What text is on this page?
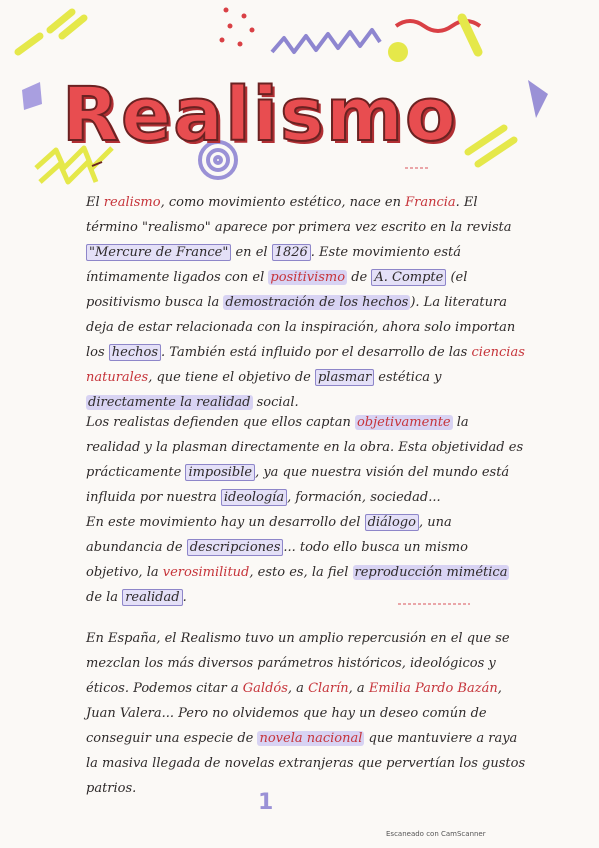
Realismo
El realismo, como movimiento estético, nace en Francia. El término "realismo" aparece por primera vez escrito en la revista "Mercure de France" en el 1826 . Este movimiento está íntimamente ligados con el positivismo de A. Compte (el positivismo busca la demostración de los hechos ). La literatura deja de estar relacionada con la inspiración, ahora solo importan los hechos . También está influido por el desarrollo de las ciencias naturales, que tiene el objetivo de plasmar estética y directamente la realidad social.
Los realistas defienden que ellos captan objetivamente la realidad y la plasman directamente en la obra. Esta objetividad es prácticamente imposible , ya que nuestra visión del mundo está influida por nuestra ideología , formación, sociedad...
En este movimiento hay un desarrollo del diálogo , una abundancia de descripciones ... todo ello busca un mismo objetivo, la verosimilitud, esto es, la fiel reproducción mimética de la realidad .
En España, el Realismo tuvo un amplio repercusión en el que se mezclan los más diversos parámetros históricos, ideológicos y éticos. Podemos citar a Galdós, a Clarín, a Emilia Pardo Bazán, Juan Valera... Pero no olvidemos que hay un deseo común de conseguir una especie de novela nacional que mantuviere a raya la masiva llegada de novelas extranjeras que pervertían los gustos patrios.
1
Escaneado con CamScanner
